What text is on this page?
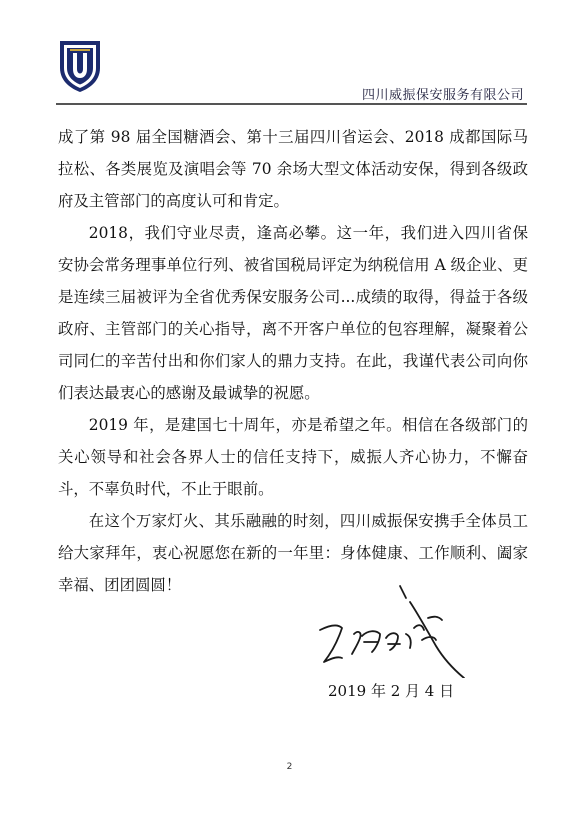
四川威振保安服务有限公司

成了第 98 届全国糖酒会、第十三届四川省运会、2018 成都国际马拉松、各类展览及演唱会等 70 余场大型文体活动安保，得到各级政府及主管部门的高度认可和肯定。

2018，我们守业尽责，逢高必攀。这一年，我们进入四川省保安协会常务理事单位行列、被省国税局评定为纳税信用 A 级企业、更是连续三届被评为全省优秀保安服务公司...成绩的取得，得益于各级政府、主管部门的关心指导，离不开客户单位的包容理解，凝聚着公司同仁的辛苦付出和你们家人的鼎力支持。在此，我谨代表公司向你们表达最衷心的感谢及最诚挚的祝愿。

2019 年，是建国七十周年，亦是希望之年。相信在各级部门的关心领导和社会各界人士的信任支持下，威振人齐心协力，不懈奋斗，不辜负时代，不止于眼前。

在这个万家灯火、其乐融融的时刻，四川威振保安携手全体员工给大家拜年，衷心祝愿您在新的一年里：身体健康、工作顺利、阖家幸福、团团圆圆！

2019 年 2 月 4 日
2
